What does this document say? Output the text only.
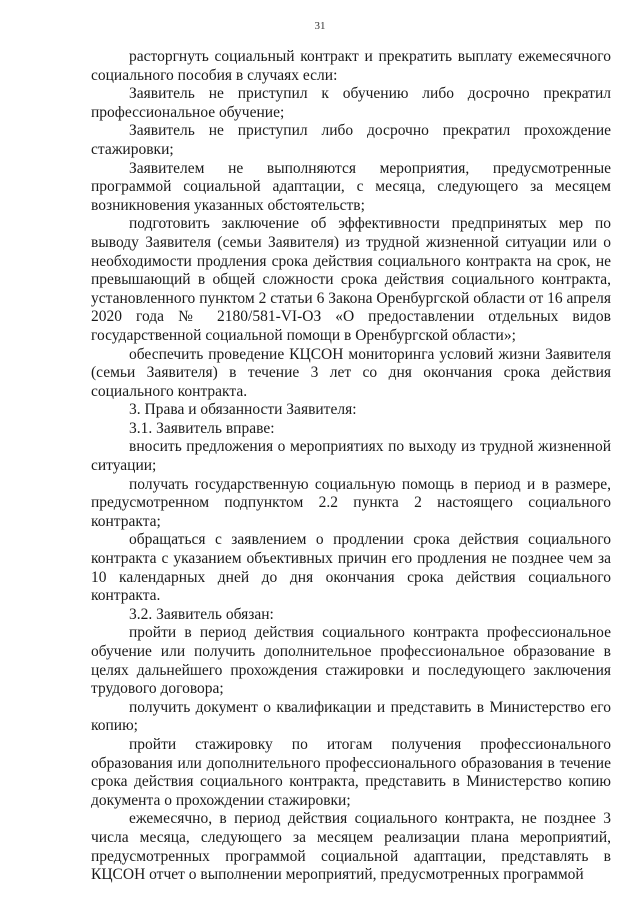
31

расторгнуть социальный контракт и прекратить выплату ежемесячного социального пособия в случаях если:

Заявитель не приступил к обучению либо досрочно прекратил профессиональное обучение;

Заявитель не приступил либо досрочно прекратил прохождение стажировки;

Заявителем не выполняются мероприятия, предусмотренные программой социальной адаптации, с месяца, следующего за месяцем возникновения указанных обстоятельств;

подготовить заключение об эффективности предпринятых мер по выводу Заявителя (семьи Заявителя) из трудной жизненной ситуации или о необходимости продления срока действия социального контракта на срок, не превышающий в общей сложности срока действия социального контракта, установленного пунктом 2 статьи 6 Закона Оренбургской области от 16 апреля 2020 года № 2180/581-VI-ОЗ «О предоставлении отдельных видов государственной социальной помощи в Оренбургской области»;

обеспечить проведение КЦСОН мониторинга условий жизни Заявителя (семьи Заявителя) в течение 3 лет со дня окончания срока действия социального контракта.

3. Права и обязанности Заявителя:

3.1. Заявитель вправе:

вносить предложения о мероприятиях по выходу из трудной жизненной ситуации;

получать государственную социальную помощь в период и в размере, предусмотренном подпунктом 2.2 пункта 2 настоящего социального контракта;

обращаться с заявлением о продлении срока действия социального контракта с указанием объективных причин его продления не позднее чем за 10 календарных дней до дня окончания срока действия социального контракта.

3.2. Заявитель обязан:

пройти в период действия социального контракта профессиональное обучение или получить дополнительное профессиональное образование в целях дальнейшего прохождения стажировки и последующего заключения трудового договора;

получить документ о квалификации и представить в Министерство его копию;

пройти стажировку по итогам получения профессионального образования или дополнительного профессионального образования в течение срока действия социального контракта, представить в Министерство копию документа о прохождении стажировки;

ежемесячно, в период действия социального контракта, не позднее 3 числа месяца, следующего за месяцем реализации плана мероприятий, предусмотренных программой социальной адаптации, представлять в КЦСОН отчет о выполнении мероприятий, предусмотренных программой
